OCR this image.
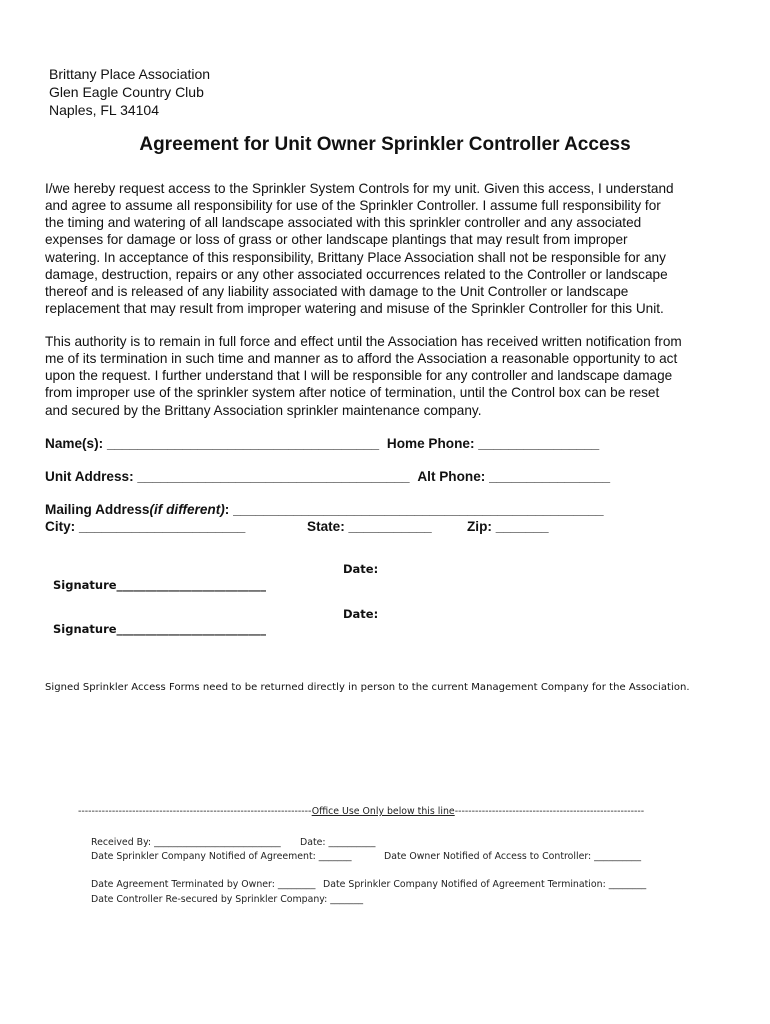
Brittany Place Association
Glen Eagle Country Club
Naples, FL 34104
Agreement for Unit Owner Sprinkler Controller Access
I/we hereby request access to the Sprinkler System Controls for my unit. Given this access, I understand
and agree to assume all responsibility for use of the Sprinkler Controller. I assume full responsibility for
the timing and watering of all landscape associated with this sprinkler controller and any associated
expenses for damage or loss of grass or other landscape plantings that may result from improper
watering. In acceptance of this responsibility, Brittany Place Association shall not be responsible for any
damage, destruction, repairs or any other associated occurrences related to the Controller or landscape
thereof and is released of any liability associated with damage to the Unit Controller or landscape
replacement that may result from improper watering and misuse of the Sprinkler Controller for this Unit.
This authority is to remain in full force and effect until the Association has received written notification from
me of its termination in such time and manner as to afford the Association a reasonable opportunity to act
upon the request. I further understand that I will be responsible for any controller and landscape damage
from improper use of the sprinkler system after notice of termination, until the Control box can be reset
and secured by the Brittany Association sprinkler maintenance company.
Name(s): ____________________________________ Home Phone: ________________
Unit Address: ____________________________________ Alt Phone: ________________
Mailing Address(if different): _________________________________________________
City: ______________________	State: ___________	Zip: _______
Date:
Signature__________________________
Date:
Signature__________________________
Signed Sprinkler Access Forms need to be returned directly in person to the current Management Company for the Association.
---------------------------------------------------------------------Office Use Only below this line--------------------------------------------------------
Received By: ___________________________ Date: __________
Date Sprinkler Company Notified of Agreement: _______	Date Owner Notified of Access to Controller: __________
Date Agreement Terminated by Owner: ________ Date Sprinkler Company Notified of Agreement Termination: ________
Date Controller Re-secured by Sprinkler Company: _______
